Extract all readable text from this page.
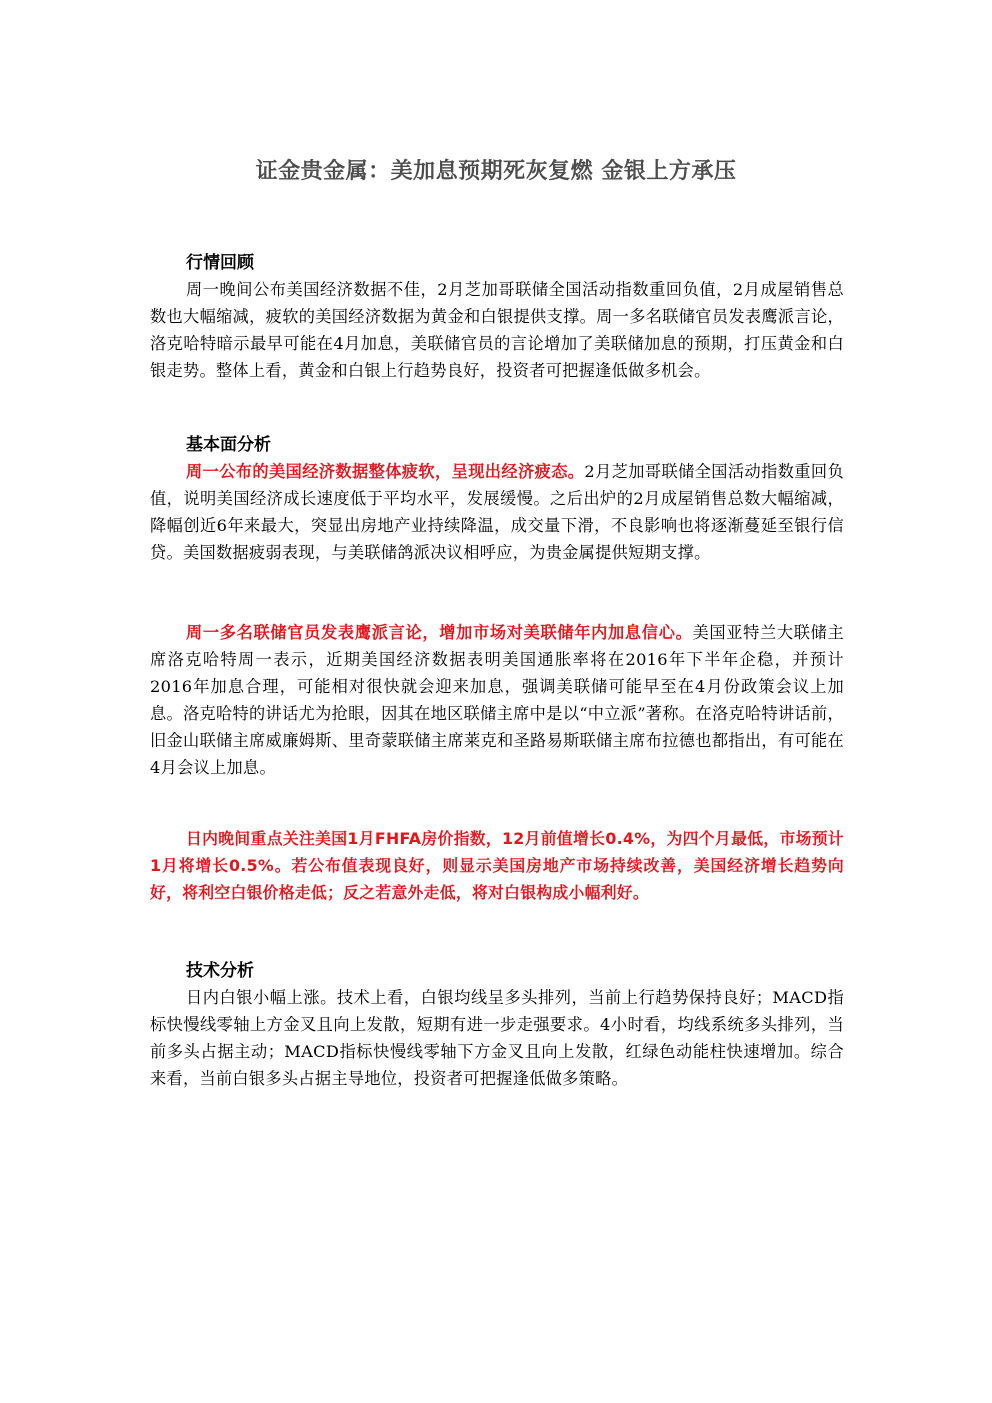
证金贵金属：美加息预期死灰复燃 金银上方承压

行情回顾

周一晚间公布美国经济数据不佳，2月芝加哥联储全国活动指数重回负值，2月成屋销售总数也大幅缩减，疲软的美国经济数据为黄金和白银提供支撑。周一多名联储官员发表鹰派言论，洛克哈特暗示最早可能在4月加息，美联储官员的言论增加了美联储加息的预期，打压黄金和白银走势。整体上看，黄金和白银上行趋势良好，投资者可把握逢低做多机会。

基本面分析

周一公布的美国经济数据整体疲软，呈现出经济疲态。2月芝加哥联储全国活动指数重回负值，说明美国经济成长速度低于平均水平，发展缓慢。之后出炉的2月成屋销售总数大幅缩减，降幅创近6年来最大，突显出房地产业持续降温，成交量下滑，不良影响也将逐渐蔓延至银行信贷。美国数据疲弱表现，与美联储鸽派决议相呼应，为贵金属提供短期支撑。

周一多名联储官员发表鹰派言论，增加市场对美联储年内加息信心。美国亚特兰大联储主席洛克哈特周一表示，近期美国经济数据表明美国通胀率将在2016年下半年企稳，并预计2016年加息合理，可能相对很快就会迎来加息，强调美联储可能早至在4月份政策会议上加息。洛克哈特的讲话尤为抢眼，因其在地区联储主席中是以“中立派”著称。在洛克哈特讲话前，旧金山联储主席威廉姆斯、里奇蒙联储主席莱克和圣路易斯联储主席布拉德也都指出，有可能在4月会议上加息。

日内晚间重点关注美国1月FHFA房价指数，12月前值增长0.4%，为四个月最低，市场预计1月将增长0.5%。若公布值表现良好，则显示美国房地产市场持续改善，美国经济增长趋势向好，将利空白银价格走低；反之若意外走低，将对白银构成小幅利好。

技术分析

日内白银小幅上涨。技术上看，白银均线呈多头排列，当前上行趋势保持良好；MACD指标快慢线零轴上方金叉且向上发散，短期有进一步走强要求。4小时看，均线系统多头排列，当前多头占据主动；MACD指标快慢线零轴下方金叉且向上发散，红绿色动能柱快速增加。综合来看，当前白银多头占据主导地位，投资者可把握逢低做多策略。
